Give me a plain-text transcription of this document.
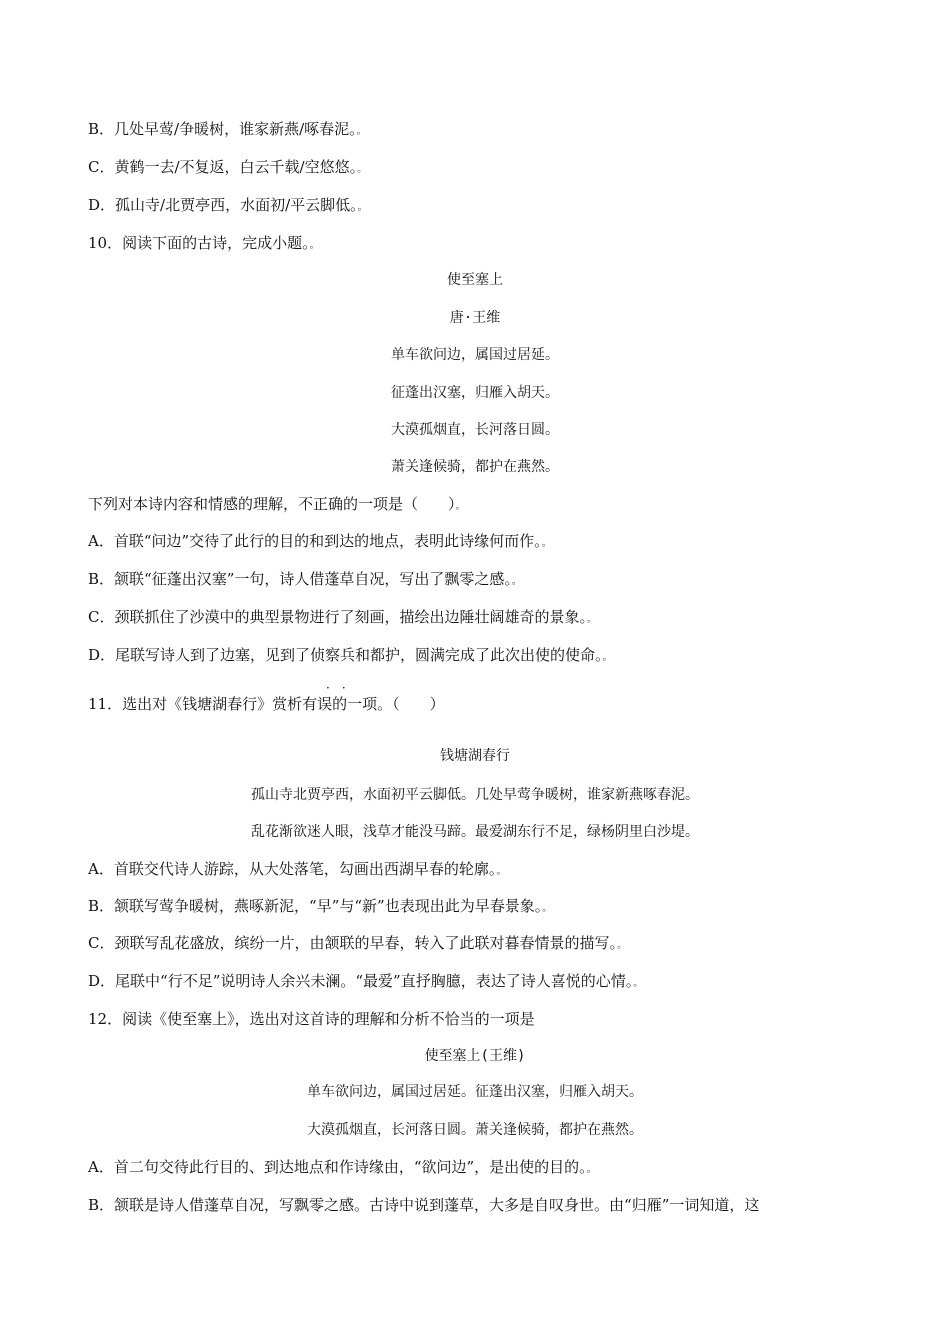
B．几处早莺/争暖树，谁家新燕/啄春泥。。
C．黄鹤一去/不复返，白云千载/空悠悠。。
D．孤山寺/北贾亭西，水面初/平云脚低。。
10．阅读下面的古诗，完成小题。。
使至塞上
唐·王维
单车欲问边，属国过居延。
征蓬出汉塞，归雁入胡天。
大漠孤烟直，长河落日圆。
萧关逢候骑，都护在燕然。
下列对本诗内容和情感的理解，不正确的一项是（　　）。
A．首联“问边”交待了此行的目的和到达的地点，表明此诗缘何而作。。
B．颔联“征蓬出汉塞”一句，诗人借蓬草自况，写出了飘零之感。。
C．颈联抓住了沙漠中的典型景物进行了刻画，描绘出边陲壮阔雄奇的景象。。
D．尾联写诗人到了边塞，见到了侦察兵和都护，圆满完成了此次出使的使命。。
··
11．选出对《钱塘湖春行》赏析有误的一项。（　　）
钱塘湖春行
孤山寺北贾亭西，水面初平云脚低。几处早莺争暖树，谁家新燕啄春泥。
乱花渐欲迷人眼，浅草才能没马蹄。最爱湖东行不足，绿杨阴里白沙堤。
A．首联交代诗人游踪，从大处落笔，勾画出西湖早春的轮廓。。
B．颔联写莺争暖树，燕啄新泥，“早”与“新”也表现出此为早春景象。。
C．颈联写乱花盛放，缤纷一片，由颔联的早春，转入了此联对暮春情景的描写。。
D．尾联中“行不足”说明诗人余兴未澜。“最爱”直抒胸臆，表达了诗人喜悦的心情。。
12．阅读《使至塞上》，选出对这首诗的理解和分析不恰当的一项是
使至塞上(王维)
单车欲问边，属国过居延。征蓬出汉塞，归雁入胡天。
大漠孤烟直，长河落日圆。萧关逢候骑，都护在燕然。
A．首二句交待此行目的、到达地点和作诗缘由，“欲问边”，是出使的目的。。
B．颔联是诗人借蓬草自况，写飘零之感。古诗中说到蓬草，大多是自叹身世。由“归雁”一词知道，这
